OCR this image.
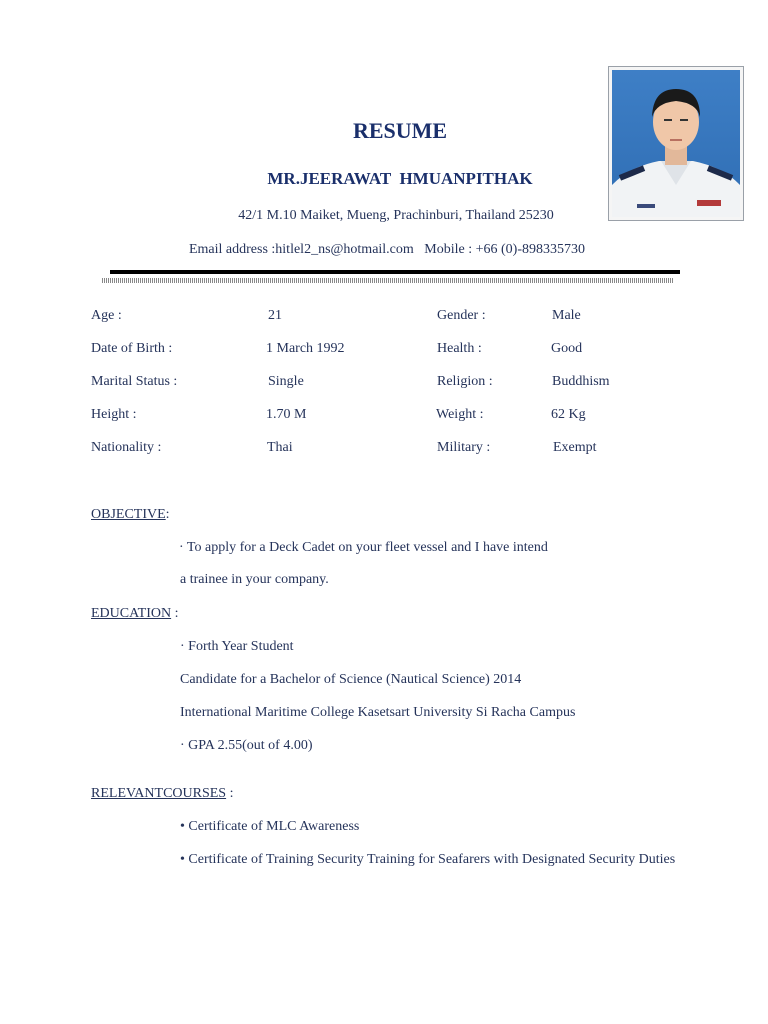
RESUME
MR.JEERAWAT  HMUANPITHAK
42/1 M.10 Maiket, Mueng, Prachinburi, Thailand 25230
Email address :hitlel2_ns@hotmail.com   Mobile : +66 (0)-898335730
Age :	21	Gender :	Male
Date of Birth :	1 March 1992	Health :	Good
Marital Status :	Single	Religion :	Buddhism
Height :	1.70 M	Weight :	62 Kg
Nationality :	Thai	Military :	Exempt
OBJECTIVE:
· To apply for a Deck Cadet on your fleet vessel and I have intend
a trainee in your company.
EDUCATION :
· Forth Year Student
Candidate for a Bachelor of Science (Nautical Science) 2014
International Maritime College Kasetsart University Si Racha Campus
· GPA 2.55(out of 4.00)
RELEVANTCOURSES :
• Certificate of MLC Awareness
• Certificate of Training Security Training for Seafarers with Designated Security Duties
